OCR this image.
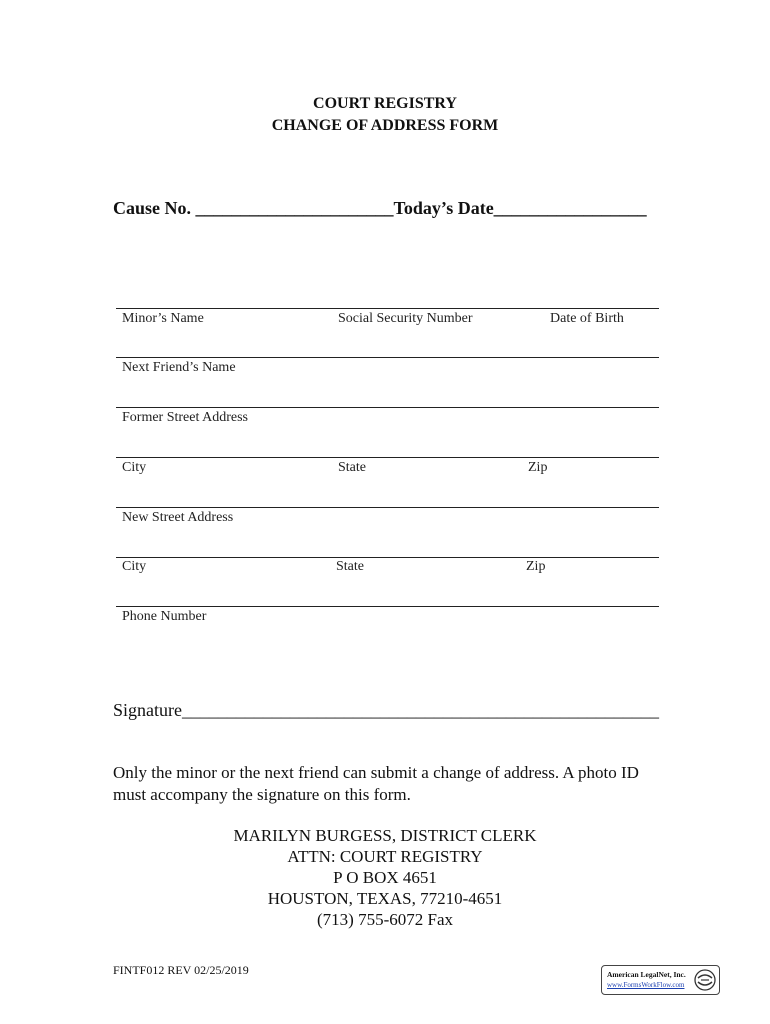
COURT REGISTRY
CHANGE OF ADDRESS FORM
Cause No. ______________________Today’s Date_________________
Minor’s Name	Social Security Number	Date of Birth
Next Friend’s Name
Former Street Address
City	State	Zip
New Street Address
City	State	Zip
Phone Number
Signature_____________________________________________________
Only the minor or the next friend can submit a change of address. A photo ID must accompany the signature on this form.
MARILYN BURGESS, DISTRICT CLERK
ATTN: COURT REGISTRY
P O BOX 4651
HOUSTON, TEXAS, 77210-4651
(713) 755-6072 Fax
FINTF012 REV 02/25/2019	American LegalNet, Inc.
www.FormsWorkFlow.com
